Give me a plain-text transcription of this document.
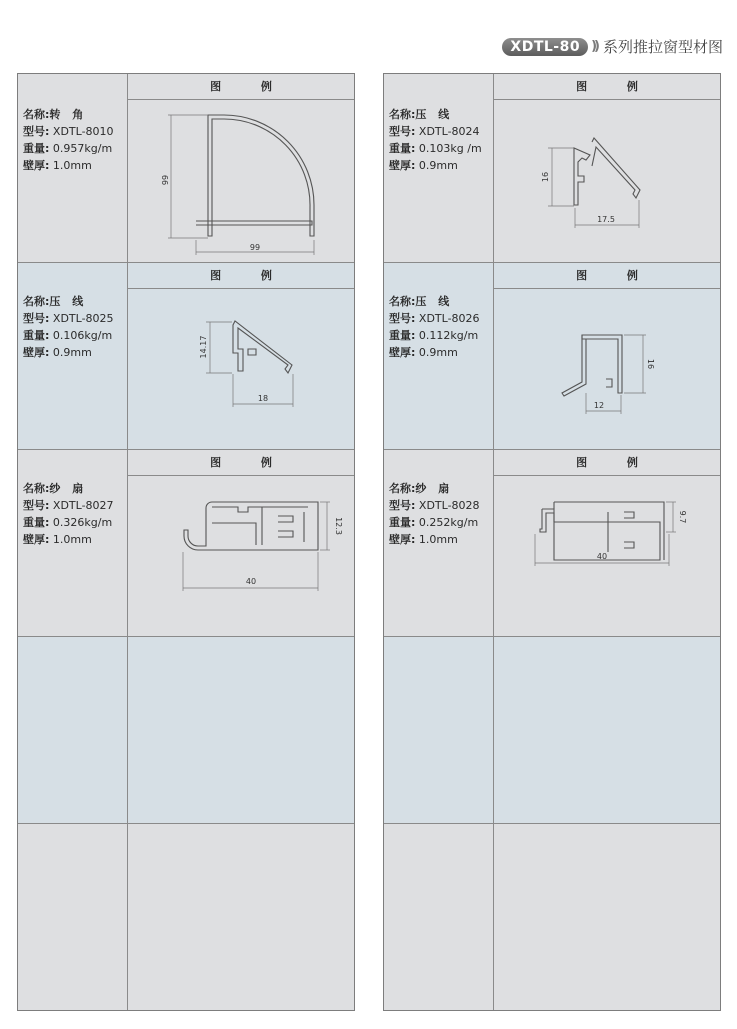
XDTL-80 )) 系列推拉窗型材图
名称:转 角
型号: XDTL-8010
重量: 0.957kg/m
壁厚: 1.0mm
图 例
99
99
名称:压 线
型号: XDTL-8025
重量: 0.106kg/m
壁厚: 0.9mm
图 例
14.17
18
名称:纱 扇
型号: XDTL-8027
重量: 0.326kg/m
壁厚: 1.0mm
图 例
12.3
40
名称:压 线
型号: XDTL-8024
重量: 0.103kg /m
壁厚: 0.9mm
图 例
16
17.5
名称:压 线
型号: XDTL-8026
重量: 0.112kg/m
壁厚: 0.9mm
图 例
16
12
名称:纱 扇
型号: XDTL-8028
重量: 0.252kg/m
壁厚: 1.0mm
图 例
9.7
40
